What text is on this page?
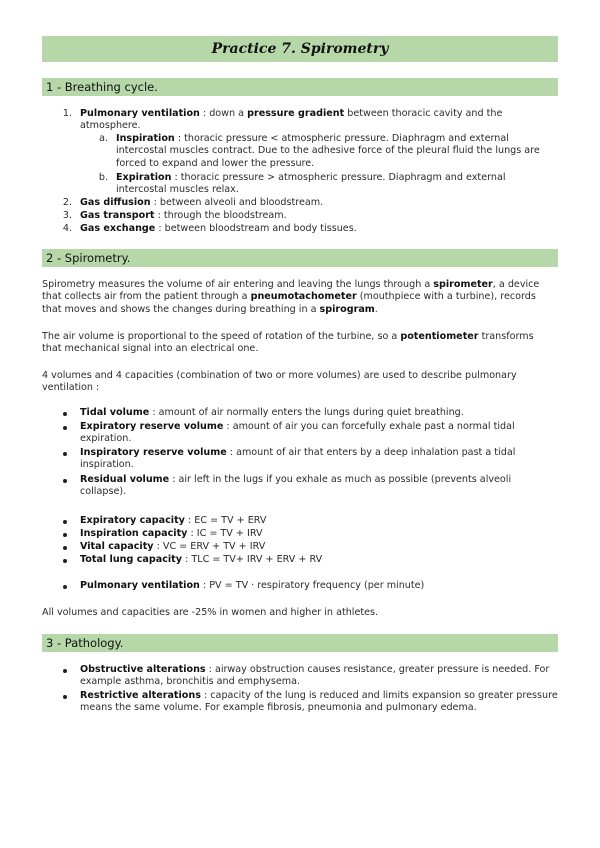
Practice 7. Spirometry
1 - Breathing cycle.
1. Pulmonary ventilation : down a pressure gradient between thoracic cavity and the atmosphere.

a. Inspiration : thoracic pressure < atmospheric pressure. Diaphragm and external intercostal muscles contract. Due to the adhesive force of the pleural fluid the lungs are forced to expand and lower the pressure.

b. Expiration : thoracic pressure > atmospheric pressure. Diaphragm and external intercostal muscles relax.

2. Gas diffusion : between alveoli and bloodstream.

3. Gas transport : through the bloodstream.

4. Gas exchange : between bloodstream and body tissues.

2 - Spirometry.

Spirometry measures the volume of air entering and leaving the lungs through a spirometer, a device that collects air from the patient through a pneumotachometer (mouthpiece with a turbine), records that moves and shows the changes during breathing in a spirogram.

The air volume is proportional to the speed of rotation of the turbine, so a potentiometer transforms that mechanical signal into an electrical one.

4 volumes and 4 capacities (combination of two or more volumes) are used to describe pulmonary ventilation :

Tidal volume : amount of air normally enters the lungs during quiet breathing.

Expiratory reserve volume : amount of air you can forcefully exhale past a normal tidal expiration.

Inspiratory reserve volume : amount of air that enters by a deep inhalation past a tidal inspiration.

Residual volume : air left in the lugs if you exhale as much as possible (prevents alveoli collapse).

Expiratory capacity : EC = TV + ERV

Inspiration capacity : IC = TV + IRV

Vital capacity : VC = ERV + TV + IRV

Total lung capacity : TLC = TV+ IRV + ERV + RV

Pulmonary ventilation : PV = TV · respiratory frequency (per minute)

All volumes and capacities are -25% in women and higher in athletes.

3 - Pathology.

Obstructive alterations : airway obstruction causes resistance, greater pressure is needed. For example asthma, bronchitis and emphysema.

Restrictive alterations : capacity of the lung is reduced and limits expansion so greater pressure means the same volume. For example fibrosis, pneumonia and pulmonary edema.
